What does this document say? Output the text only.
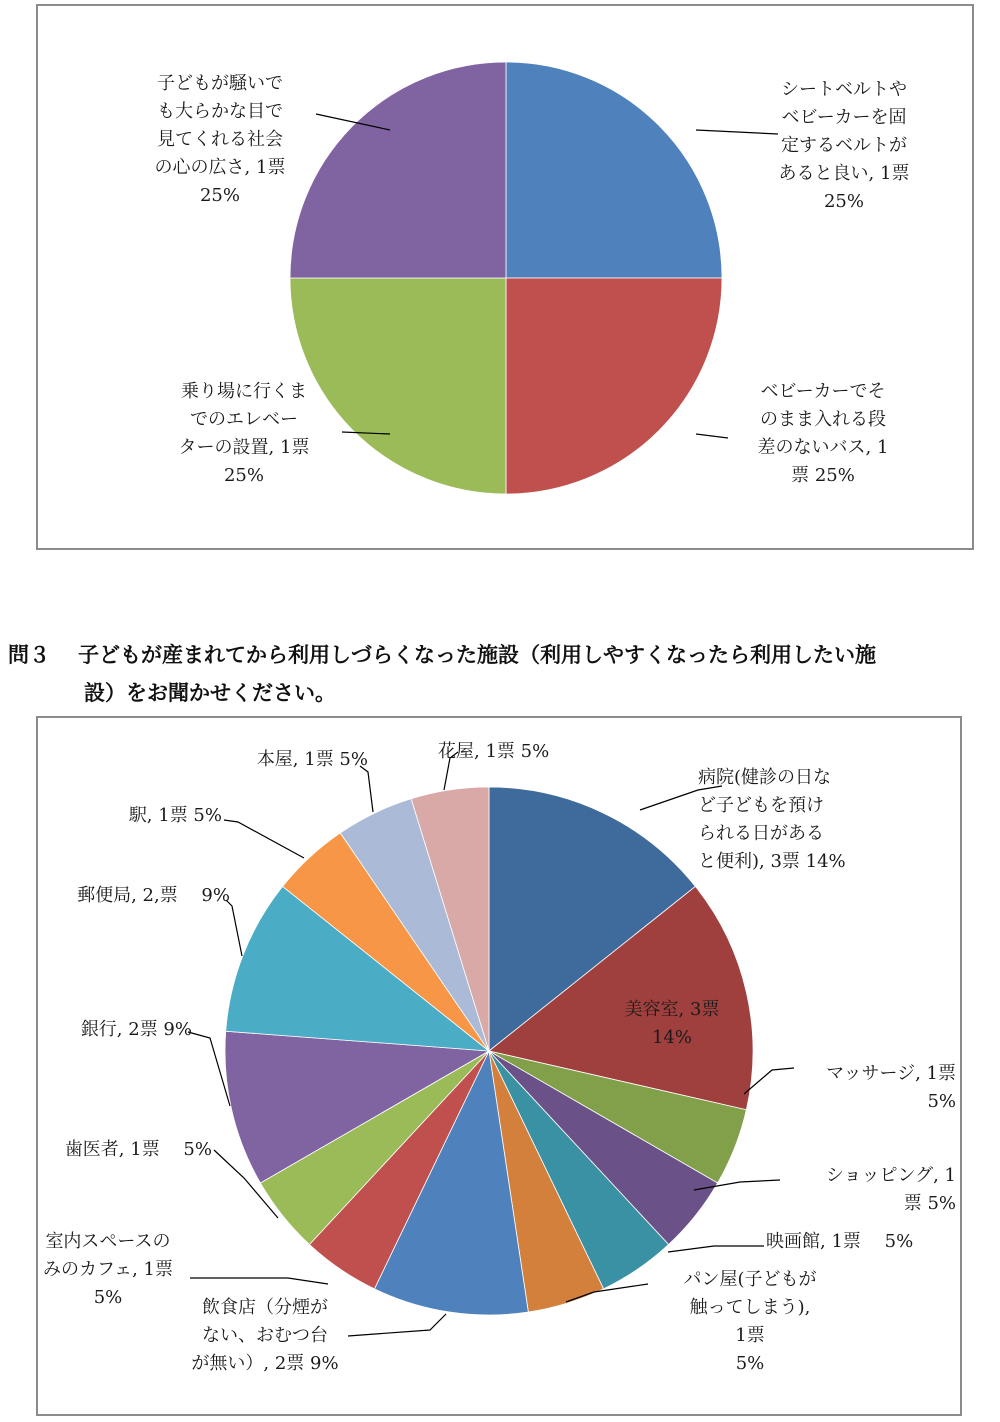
シートベルトや
ベビーカーを固
定するベルトが
あると良い, 1票
25%
ベビーカーでそ
のまま入れる段
差のないバス, 1
票 25%
乗り場に行くま
でのエレベー
ターの設置, 1票
25%
子どもが騒いで
も大らかな目で
見てくれる社会
の心の広さ, 1票
25%
問３ 子どもが産まれてから利用しづらくなった施設（利用しやすくなったら利用したい施
設）をお聞かせください。
病院(健診の日な
ど子どもを預け
られる日がある
と便利), 3票 14%
美容室, 3票
14%
マッサージ, 1票
5%
ショッピング, 1
票 5%
映画館, 1票　 5%
パン屋(子どもが
触ってしまう),
1票
5%
飲食店（分煙が
ない、おむつ台
が無い）, 2票 9%
室内スペースの
みのカフェ, 1票
5%
歯医者, 1票　 5%
銀行, 2票 9%
郵便局, 2,票　 9%
駅, 1票 5%
本屋, 1票 5%	花屋, 1票 5%
